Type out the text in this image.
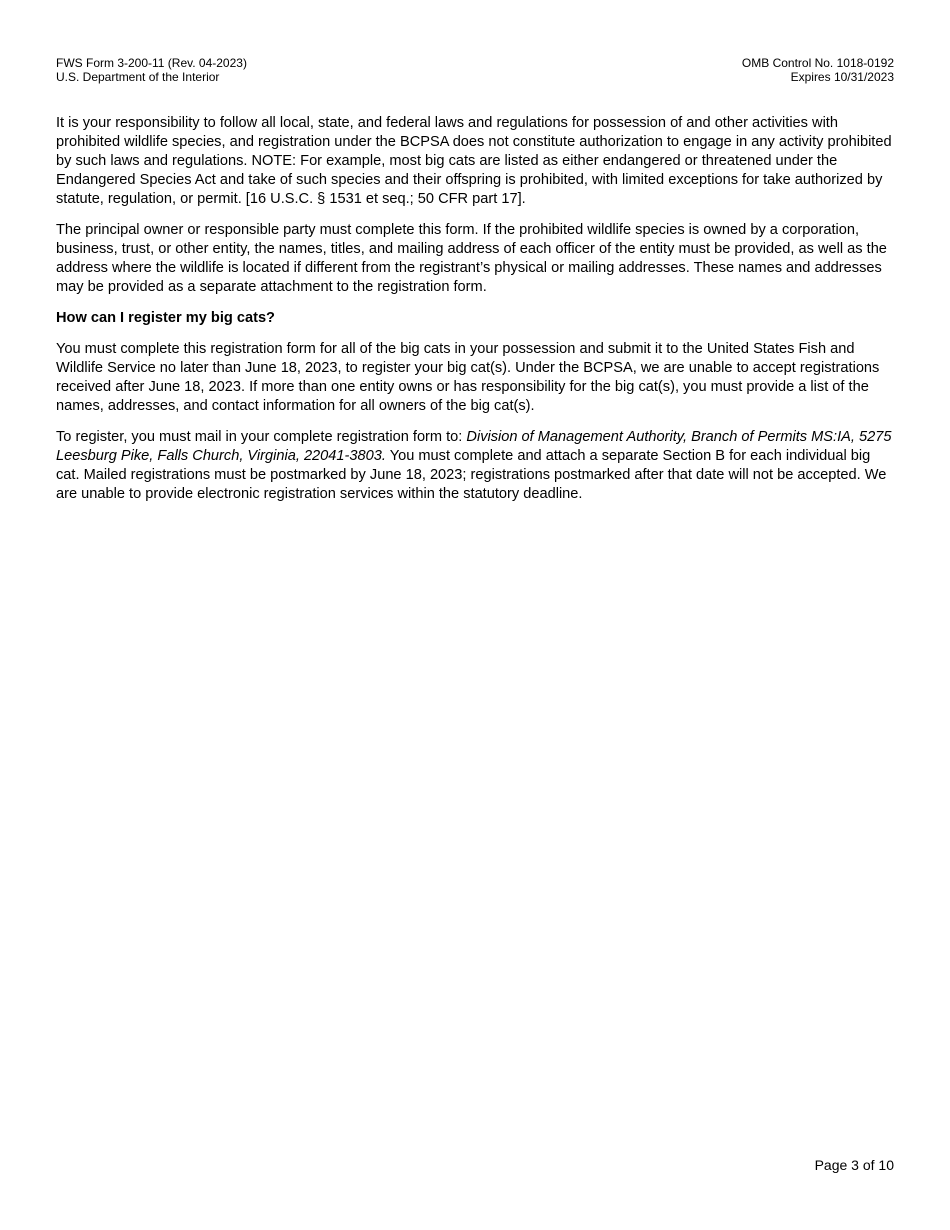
FWS Form 3-200-11 (Rev. 04-2023)
U.S. Department of the Interior
OMB Control No. 1018-0192
Expires 10/31/2023

It is your responsibility to follow all local, state, and federal laws and regulations for possession of and other activities with prohibited wildlife species, and registration under the BCPSA does not constitute authorization to engage in any activity prohibited by such laws and regulations. NOTE: For example, most big cats are listed as either endangered or threatened under the Endangered Species Act and take of such species and their offspring is prohibited, with limited exceptions for take authorized by statute, regulation, or permit. [16 U.S.C. § 1531 et seq.; 50 CFR part 17].

The principal owner or responsible party must complete this form. If the prohibited wildlife species is owned by a corporation, business, trust, or other entity, the names, titles, and mailing address of each officer of the entity must be provided, as well as the address where the wildlife is located if different from the registrant’s physical or mailing addresses. These names and addresses may be provided as a separate attachment to the registration form.

How can I register my big cats?

You must complete this registration form for all of the big cats in your possession and submit it to the United States Fish and Wildlife Service no later than June 18, 2023, to register your big cat(s). Under the BCPSA, we are unable to accept registrations received after June 18, 2023. If more than one entity owns or has responsibility for the big cat(s), you must provide a list of the names, addresses, and contact information for all owners of the big cat(s).

To register, you must mail in your complete registration form to: Division of Management Authority, Branch of Permits MS:IA, 5275 Leesburg Pike, Falls Church, Virginia, 22041-3803. You must complete and attach a separate Section B for each individual big cat. Mailed registrations must be postmarked by June 18, 2023; registrations postmarked after that date will not be accepted. We are unable to provide electronic registration services within the statutory deadline.

Page 3 of 10
